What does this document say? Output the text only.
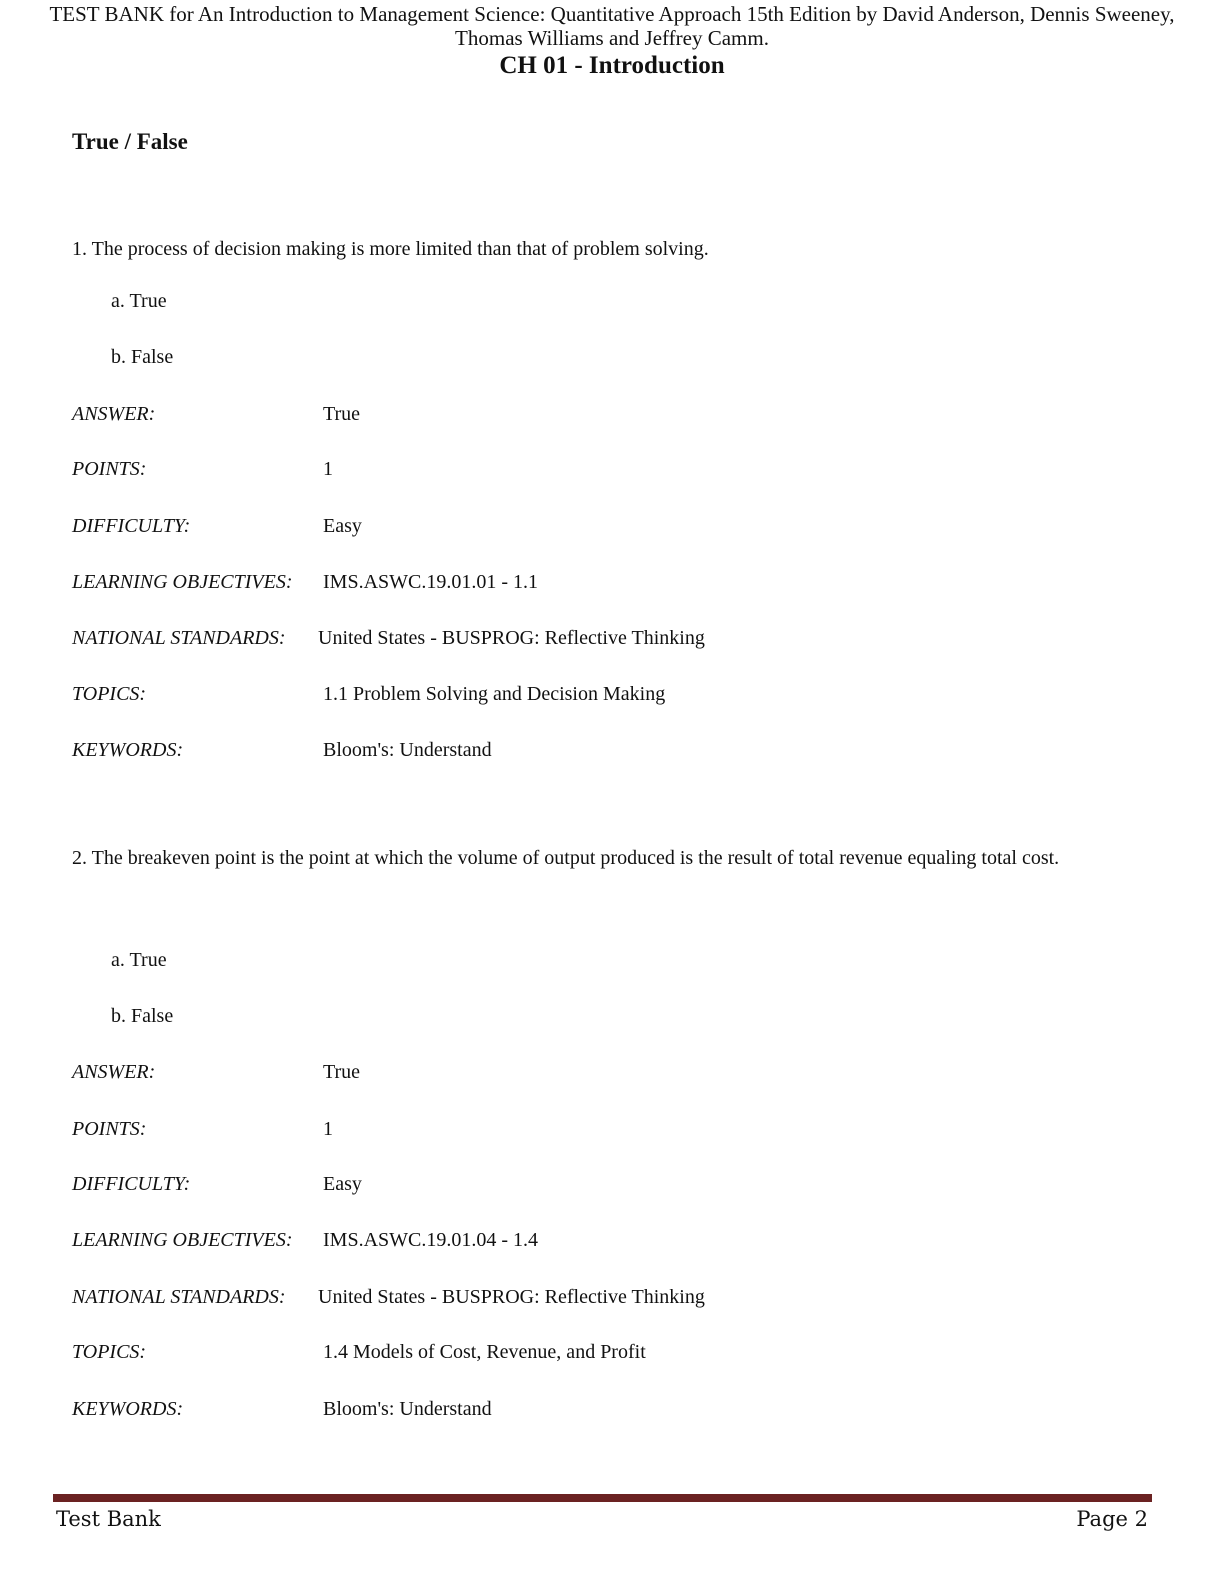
TEST BANK for An Introduction to Management Science: Quantitative Approach 15th Edition by David Anderson, Dennis Sweeney, Thomas Williams and Jeffrey Camm.
CH 01 - Introduction
True / False
1. The process of decision making is more limited than that of problem solving.
a. True
b. False
ANSWER:	True
POINTS:	1
DIFFICULTY:	Easy
LEARNING OBJECTIVES: IMS.ASWC.19.01.01 - 1.1
NATIONAL STANDARDS: United States - BUSPROG: Reflective Thinking
TOPICS:	1.1 Problem Solving and Decision Making
KEYWORDS:	Bloom's: Understand
2. The breakeven point is the point at which the volume of output produced is the result of total revenue equaling total cost.
a. True
b. False
ANSWER:	True
POINTS:	1
DIFFICULTY:	Easy
LEARNING OBJECTIVES: IMS.ASWC.19.01.04 - 1.4
NATIONAL STANDARDS: United States - BUSPROG: Reflective Thinking
TOPICS:	1.4 Models of Cost, Revenue, and Profit
KEYWORDS:	Bloom's: Understand
Test Bank	Page 2
